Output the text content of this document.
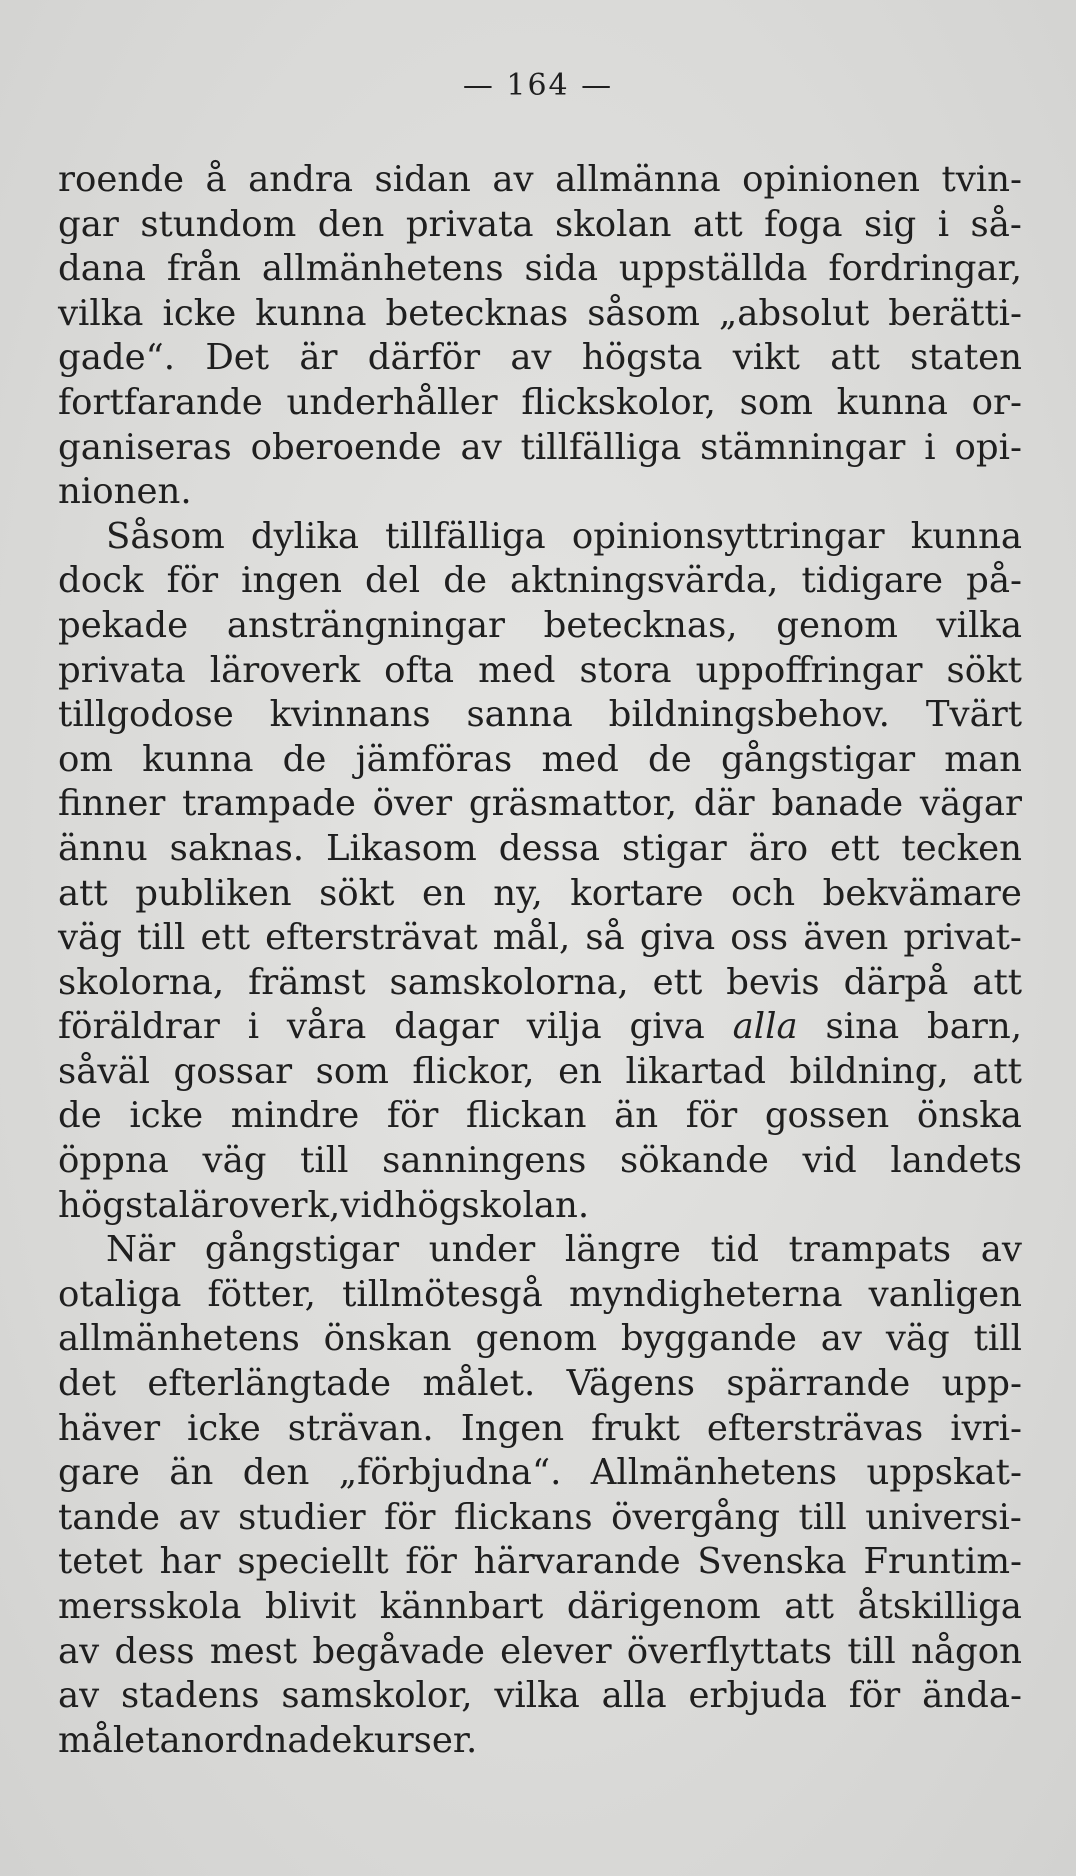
— 164 —
roende å andra sidan av allmänna opinionen tvin-
gar stundom den privata skolan att foga sig i så-
dana från allmänhetens sida uppställda fordringar,
vilka icke kunna betecknas såsom „absolut berätti-
gade“. Det är därför av högsta vikt att staten
fortfarande underhåller flickskolor, som kunna or-
ganiseras oberoende av tillfälliga stämningar i opi-
nionen.
Såsom dylika tillfälliga opinionsyttringar kunna
dock för ingen del de aktningsvärda, tidigare på-
pekade ansträngningar betecknas, genom vilka
privata läroverk ofta med stora uppoffringar sökt
tillgodose kvinnans sanna bildningsbehov. Tvärt
om kunna de jämföras med de gångstigar man
finner trampade över gräsmattor, där banade vägar
ännu saknas. Likasom dessa stigar äro ett tecken
att publiken sökt en ny, kortare och bekvämare
väg till ett eftersträvat mål, så giva oss även privat-
skolorna, främst samskolorna, ett bevis därpå att
föräldrar i våra dagar vilja giva alla sina barn,
såväl gossar som flickor, en likartad bildning, att
de icke mindre för flickan än för gossen önska
öppna väg till sanningens sökande vid landets
högsta läroverk, vid högskolan.
När gångstigar under längre tid trampats av
otaliga fötter, tillmötesgå myndigheterna vanligen
allmänhetens önskan genom byggande av väg till
det efterlängtade målet. Vägens spärrande upp-
häver icke strävan. Ingen frukt eftersträvas ivri-
gare än den „förbjudna“. Allmänhetens uppskat-
tande av studier för flickans övergång till universi-
tetet har speciellt för härvarande Svenska Fruntim-
mersskola blivit kännbart därigenom att åtskilliga
av dess mest begåvade elever överflyttats till någon
av stadens samskolor, vilka alla erbjuda för ända-
målet anordnade kurser.
